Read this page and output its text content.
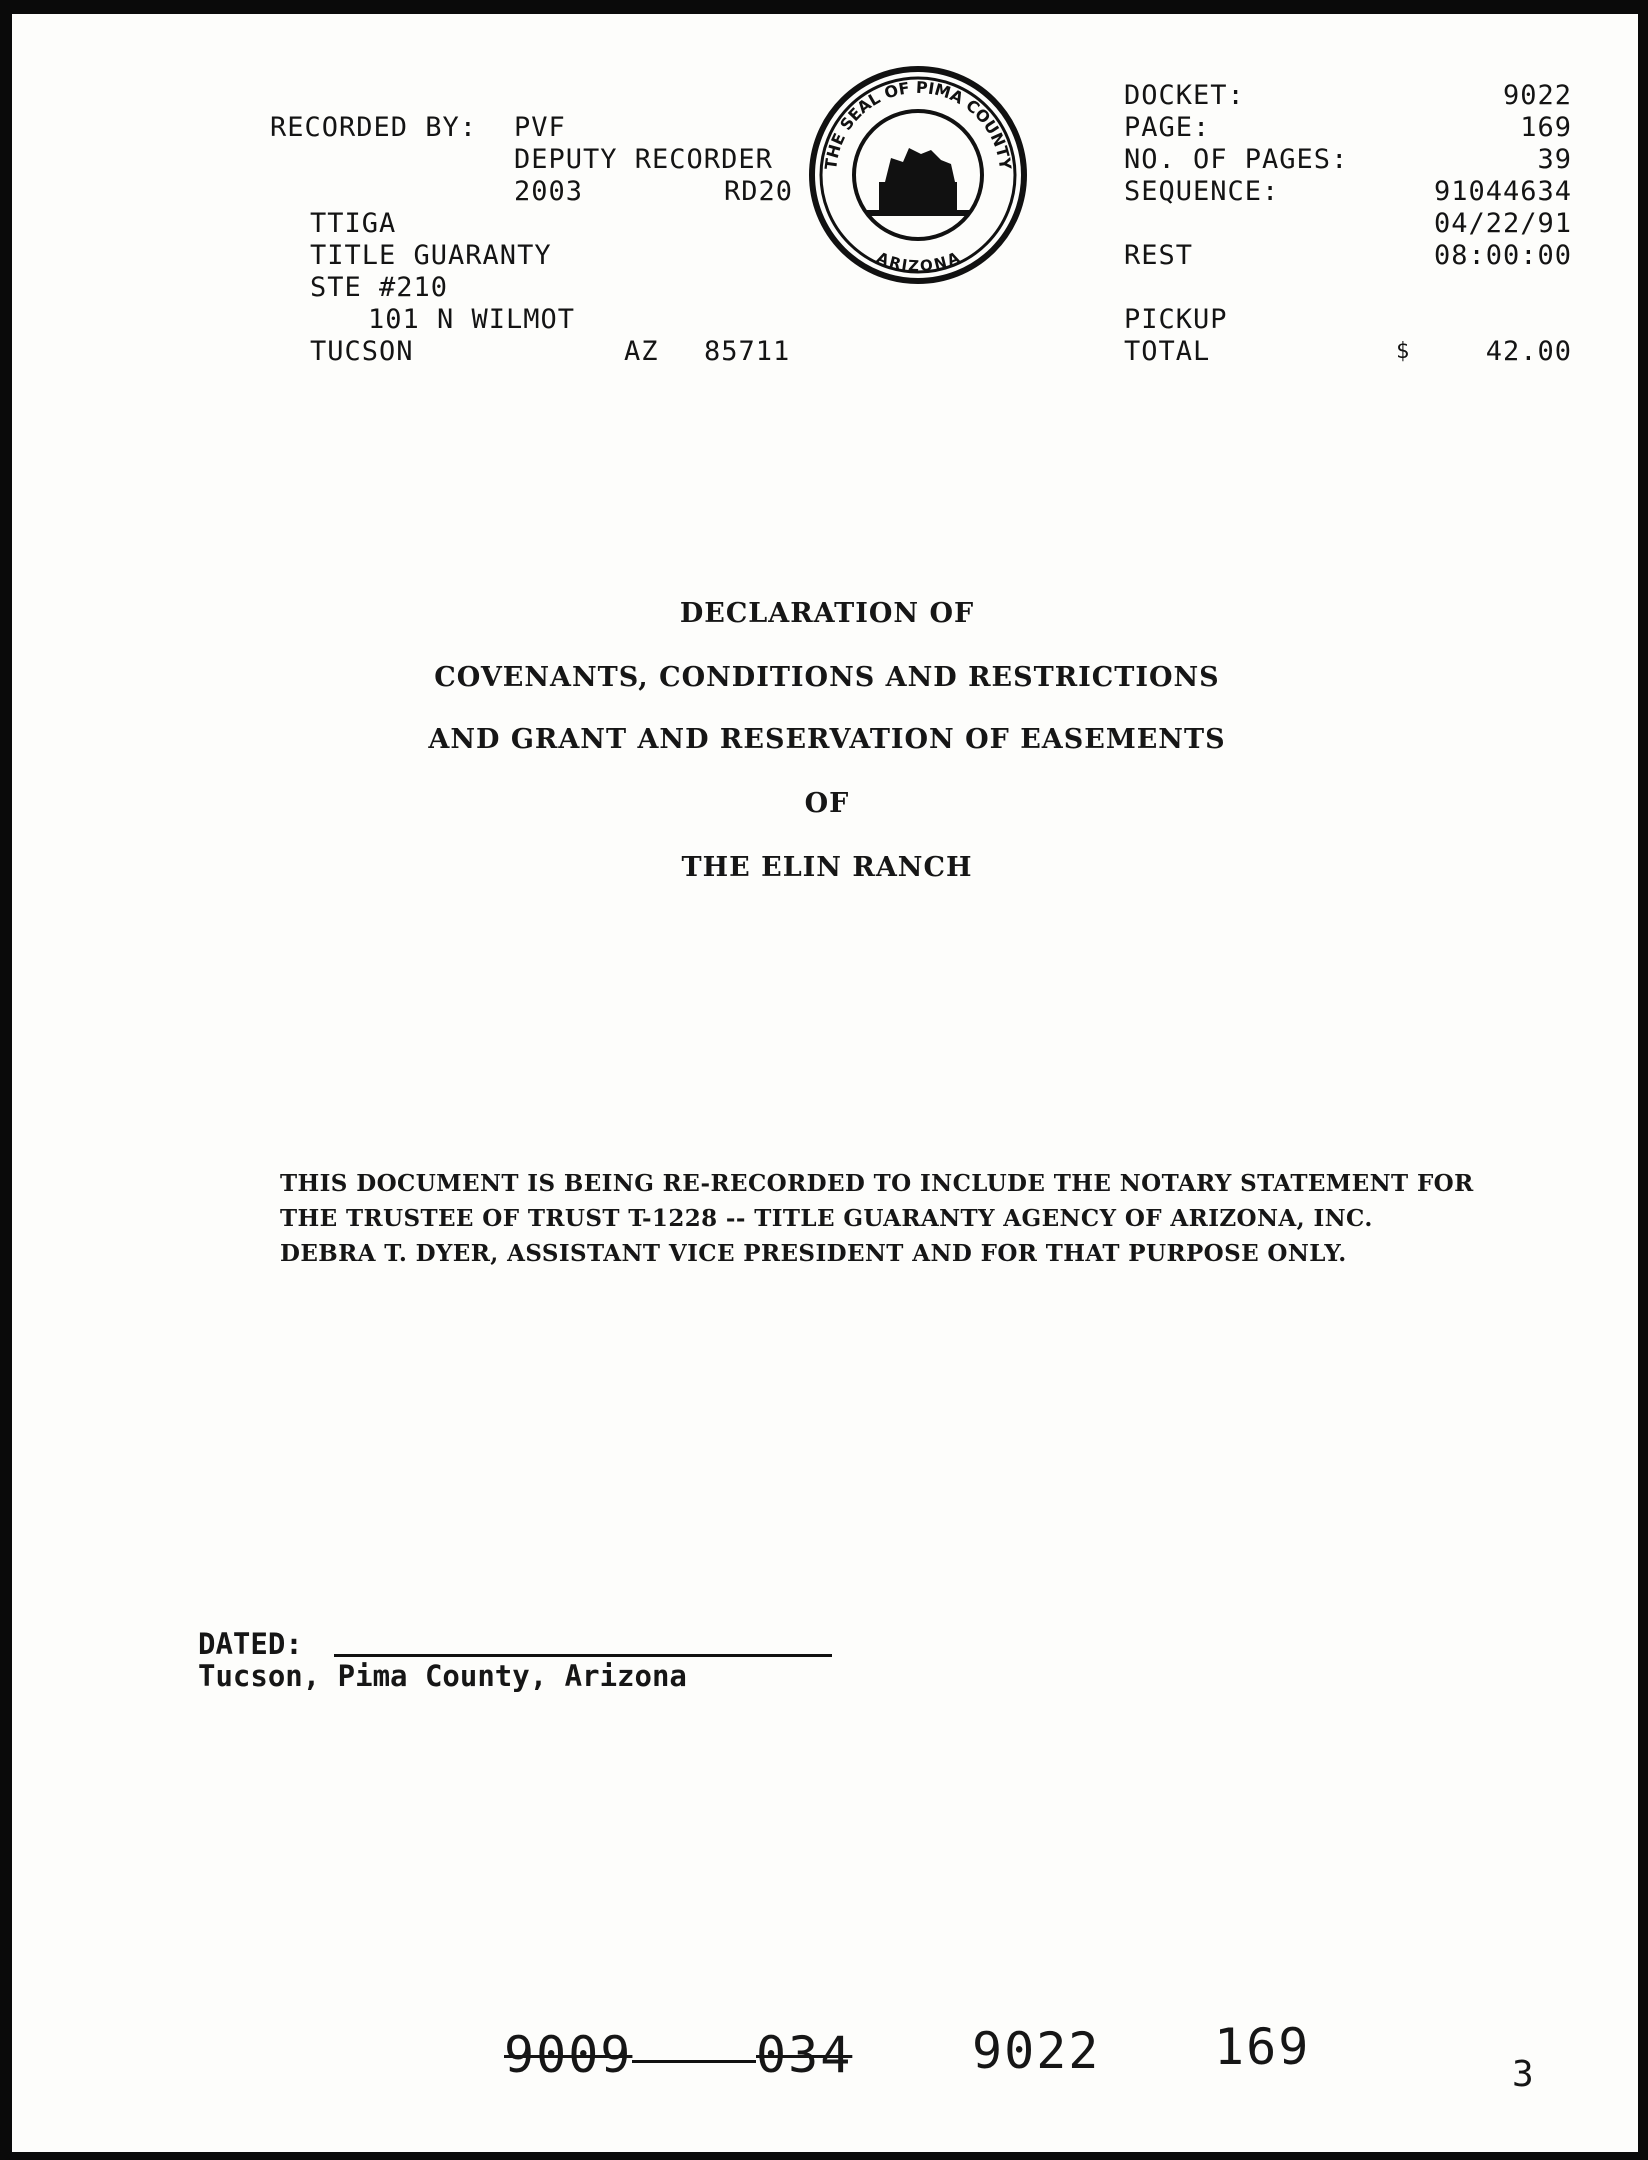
RECORDED BY: PVF
DEPUTY RECORDER
2003	RD20
TTIGA
TITLE GUARANTY
STE #210
101 N WILMOT
TUCSON	AZ 85711
THE SEAL OF PIMA COUNTY
ARIZONA
DOCKET:	9022
PAGE:	169
NO. OF PAGES:	39
SEQUENCE:	91044634
04/22/91
REST	08:00:00
PICKUP
TOTAL	$	42.00
DECLARATION OF
COVENANTS, CONDITIONS AND RESTRICTIONS
AND GRANT AND RESERVATION OF EASEMENTS
OF
THE ELIN RANCH
THIS DOCUMENT IS BEING RE-RECORDED TO INCLUDE THE NOTARY STATEMENT FOR
THE TRUSTEE OF TRUST T-1228 -- TITLE GUARANTY AGENCY OF ARIZONA, INC.
DEBRA T. DYER, ASSISTANT VICE PRESIDENT AND FOR THAT PURPOSE ONLY.
DATED:
Tucson, Pima County, Arizona
9009 034 9022 169	3
